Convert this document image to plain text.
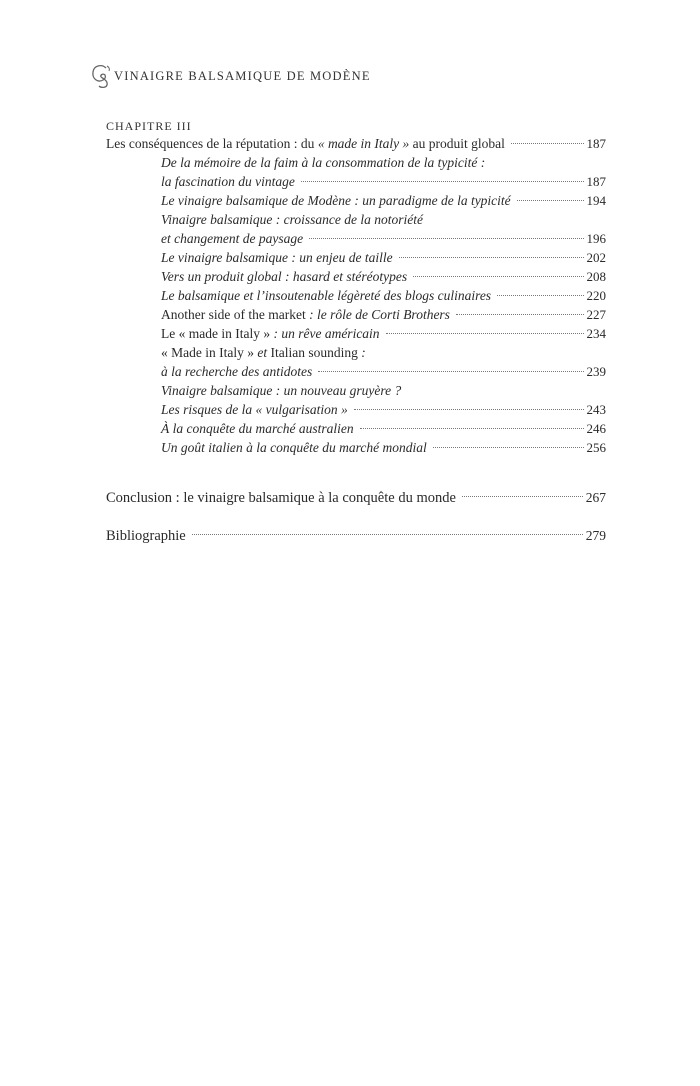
VINAIGRE BALSAMIQUE DE MODÈNE
CHAPITRE III
Les conséquences de la réputation : du « made in Italy » au produit global	187
De la mémoire de la faim à la consommation de la typicité :
la fascination du vintage	187
Le vinaigre balsamique de Modène : un paradigme de la typicité	194
Vinaigre balsamique : croissance de la notoriété
et changement de paysage	196
Le vinaigre balsamique : un enjeu de taille	202
Vers un produit global : hasard et stéréotypes	208
Le balsamique et l’insoutenable légèreté des blogs culinaires	220
Another side of the market : le rôle de Corti Brothers	227
Le « made in Italy » : un rêve américain	234
« Made in Italy » et Italian sounding :
à la recherche des antidotes	239
Vinaigre balsamique : un nouveau gruyère ?
Les risques de la « vulgarisation »	243
À la conquête du marché australien	246
Un goût italien à la conquête du marché mondial	256
Conclusion : le vinaigre balsamique à la conquête du monde	267
Bibliographie	279
